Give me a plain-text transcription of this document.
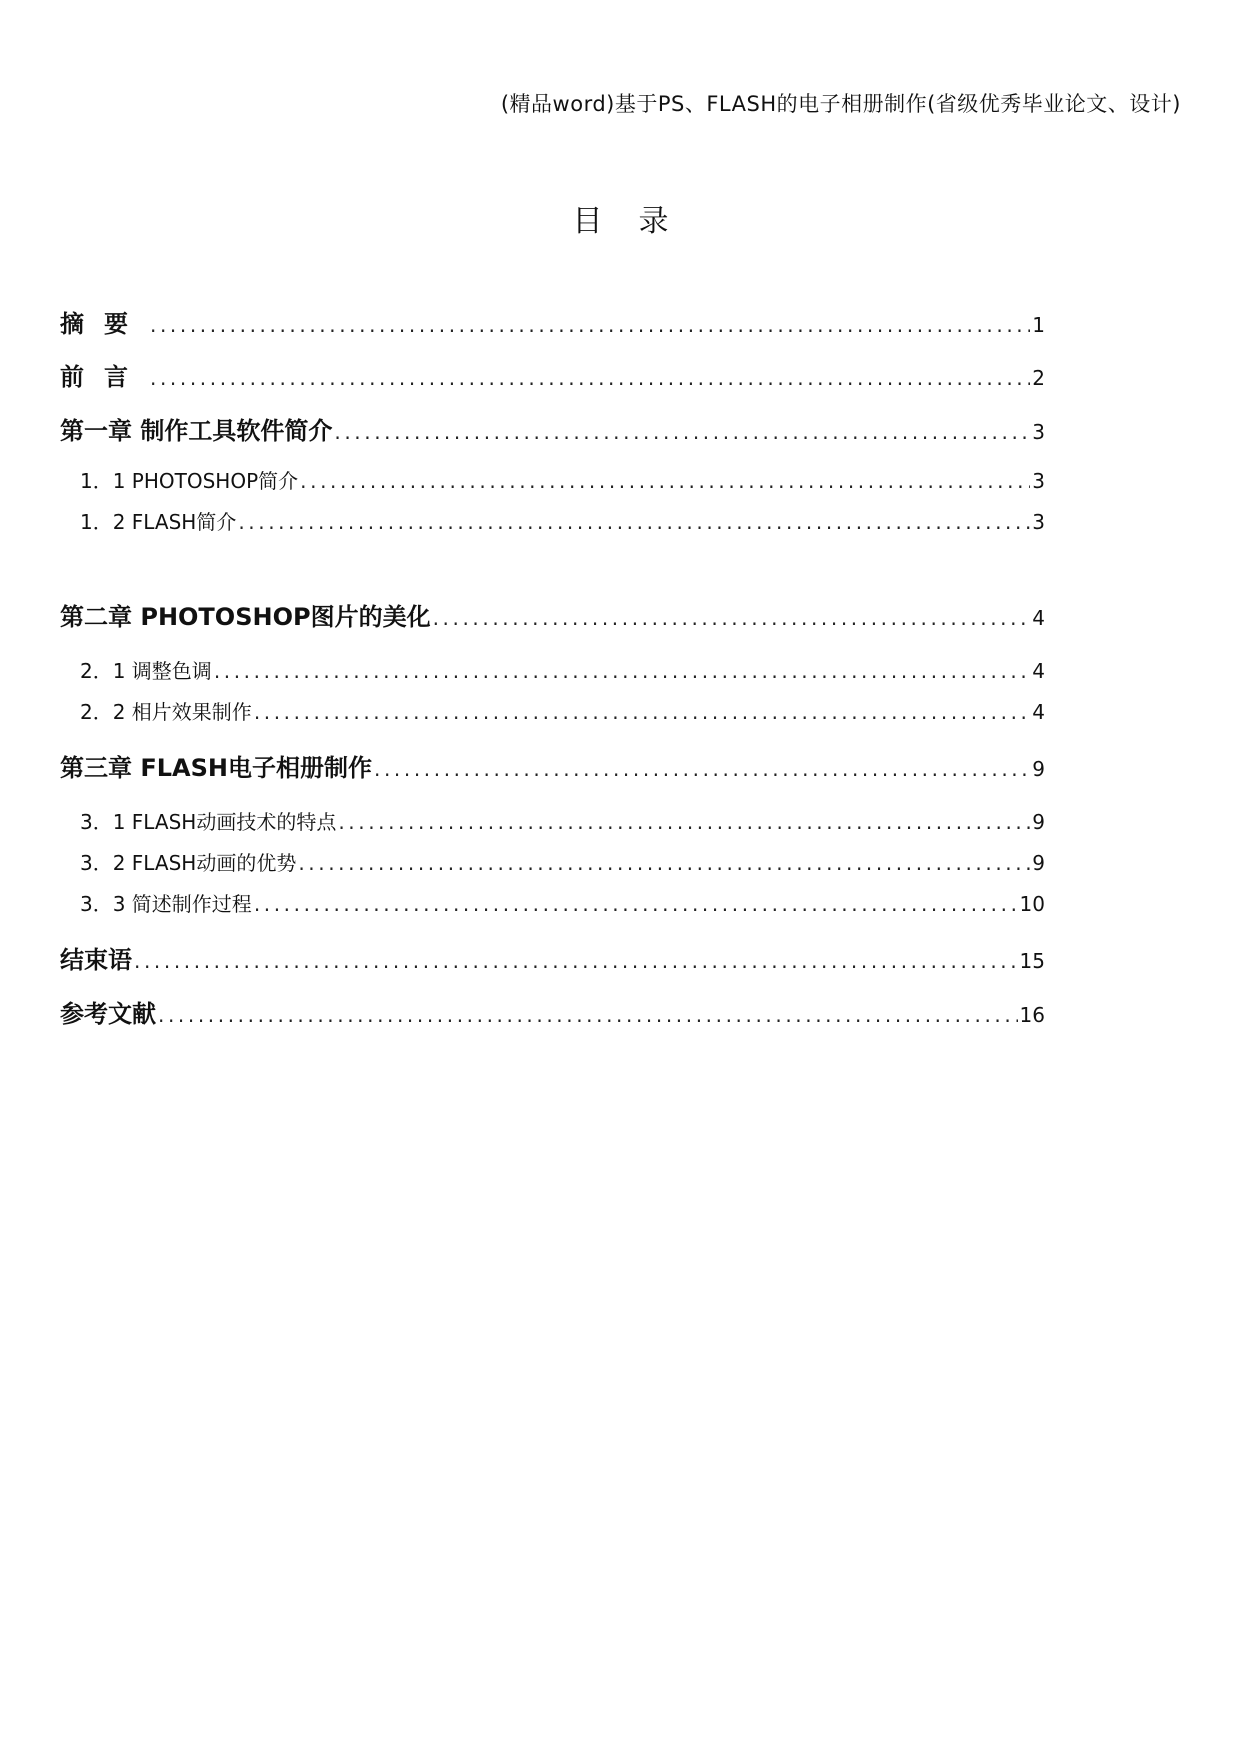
(精品word)基于PS、FLASH的电子相册制作(省级优秀毕业论文、设计)
目录
摘要 .....	1
前言 .....	2
第一章 制作工具软件简介 .....	3
1．1 PHOTOSHOP简介 .....	3
1．2 FLASH简介 .....	3
第二章 PHOTOSHOP图片的美化 .....	4
2．1 调整色调 .....	4
2．2 相片效果制作 .....	4
第三章 FLASH电子相册制作 .....	9
3．1 FLASH动画技术的特点 .....	9
3．2 FLASH动画的优势 .....	9
3．3 简述制作过程 .....	10
结束语 .....	15
参考文献 .....	16
